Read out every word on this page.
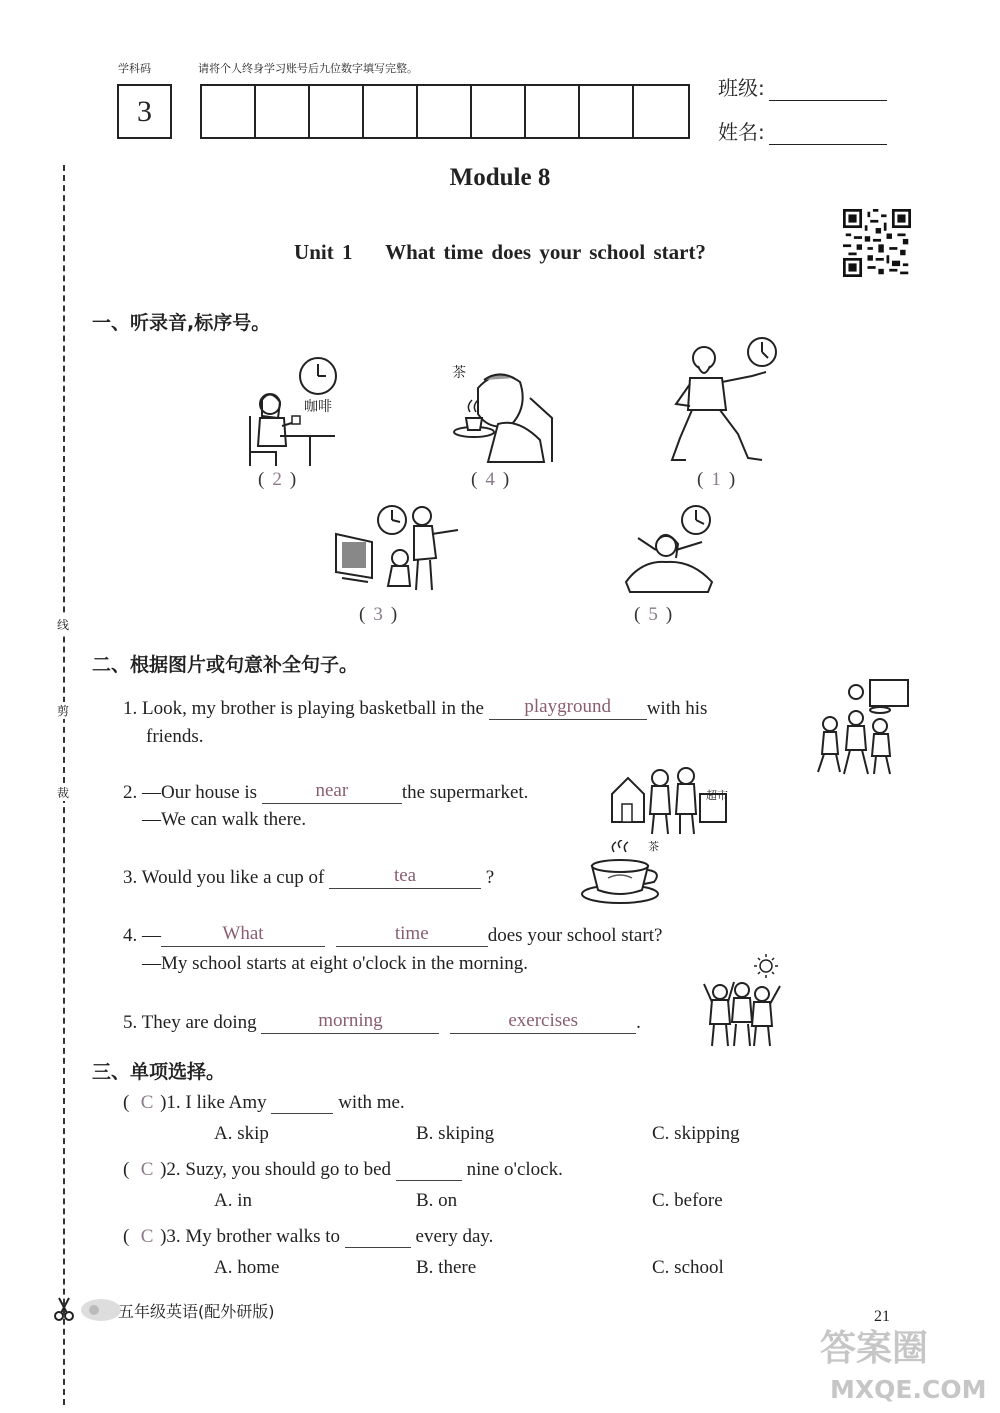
学科码	请将个人终身学习账号后九位数字填写完整。
3
班级:
姓名:
线
剪
裁
Module 8
Unit 1    What time does your school start?
一、听录音,标序号。
咖啡
(2)
茶
(4)	(1)
(3)	(5)
二、根据图片或句意补全句子。
1. Look, my brother is playing basketball in the playground with his
friends.
2. —Our house is	near	the supermarket.
—We can walk there.
超市
3. Would you like a cup of	tea	?
茶
4. —	What	time	does your school start?
—My school starts at eight o'clock in the morning.
5. They are doing	morning	exercises	.
三、单项选择。
( C )1. I like Amy	with me.
A. skip	B. skiping	C. skipping
( C )2. Suzy, you should go to bed	nine o'clock.
A. in	B. on	C. before
( C )3. My brother walks to	every day.
A. home	B. there	C. school
五年级英语(配外研版)	21
答案圈
MXQE.COM
